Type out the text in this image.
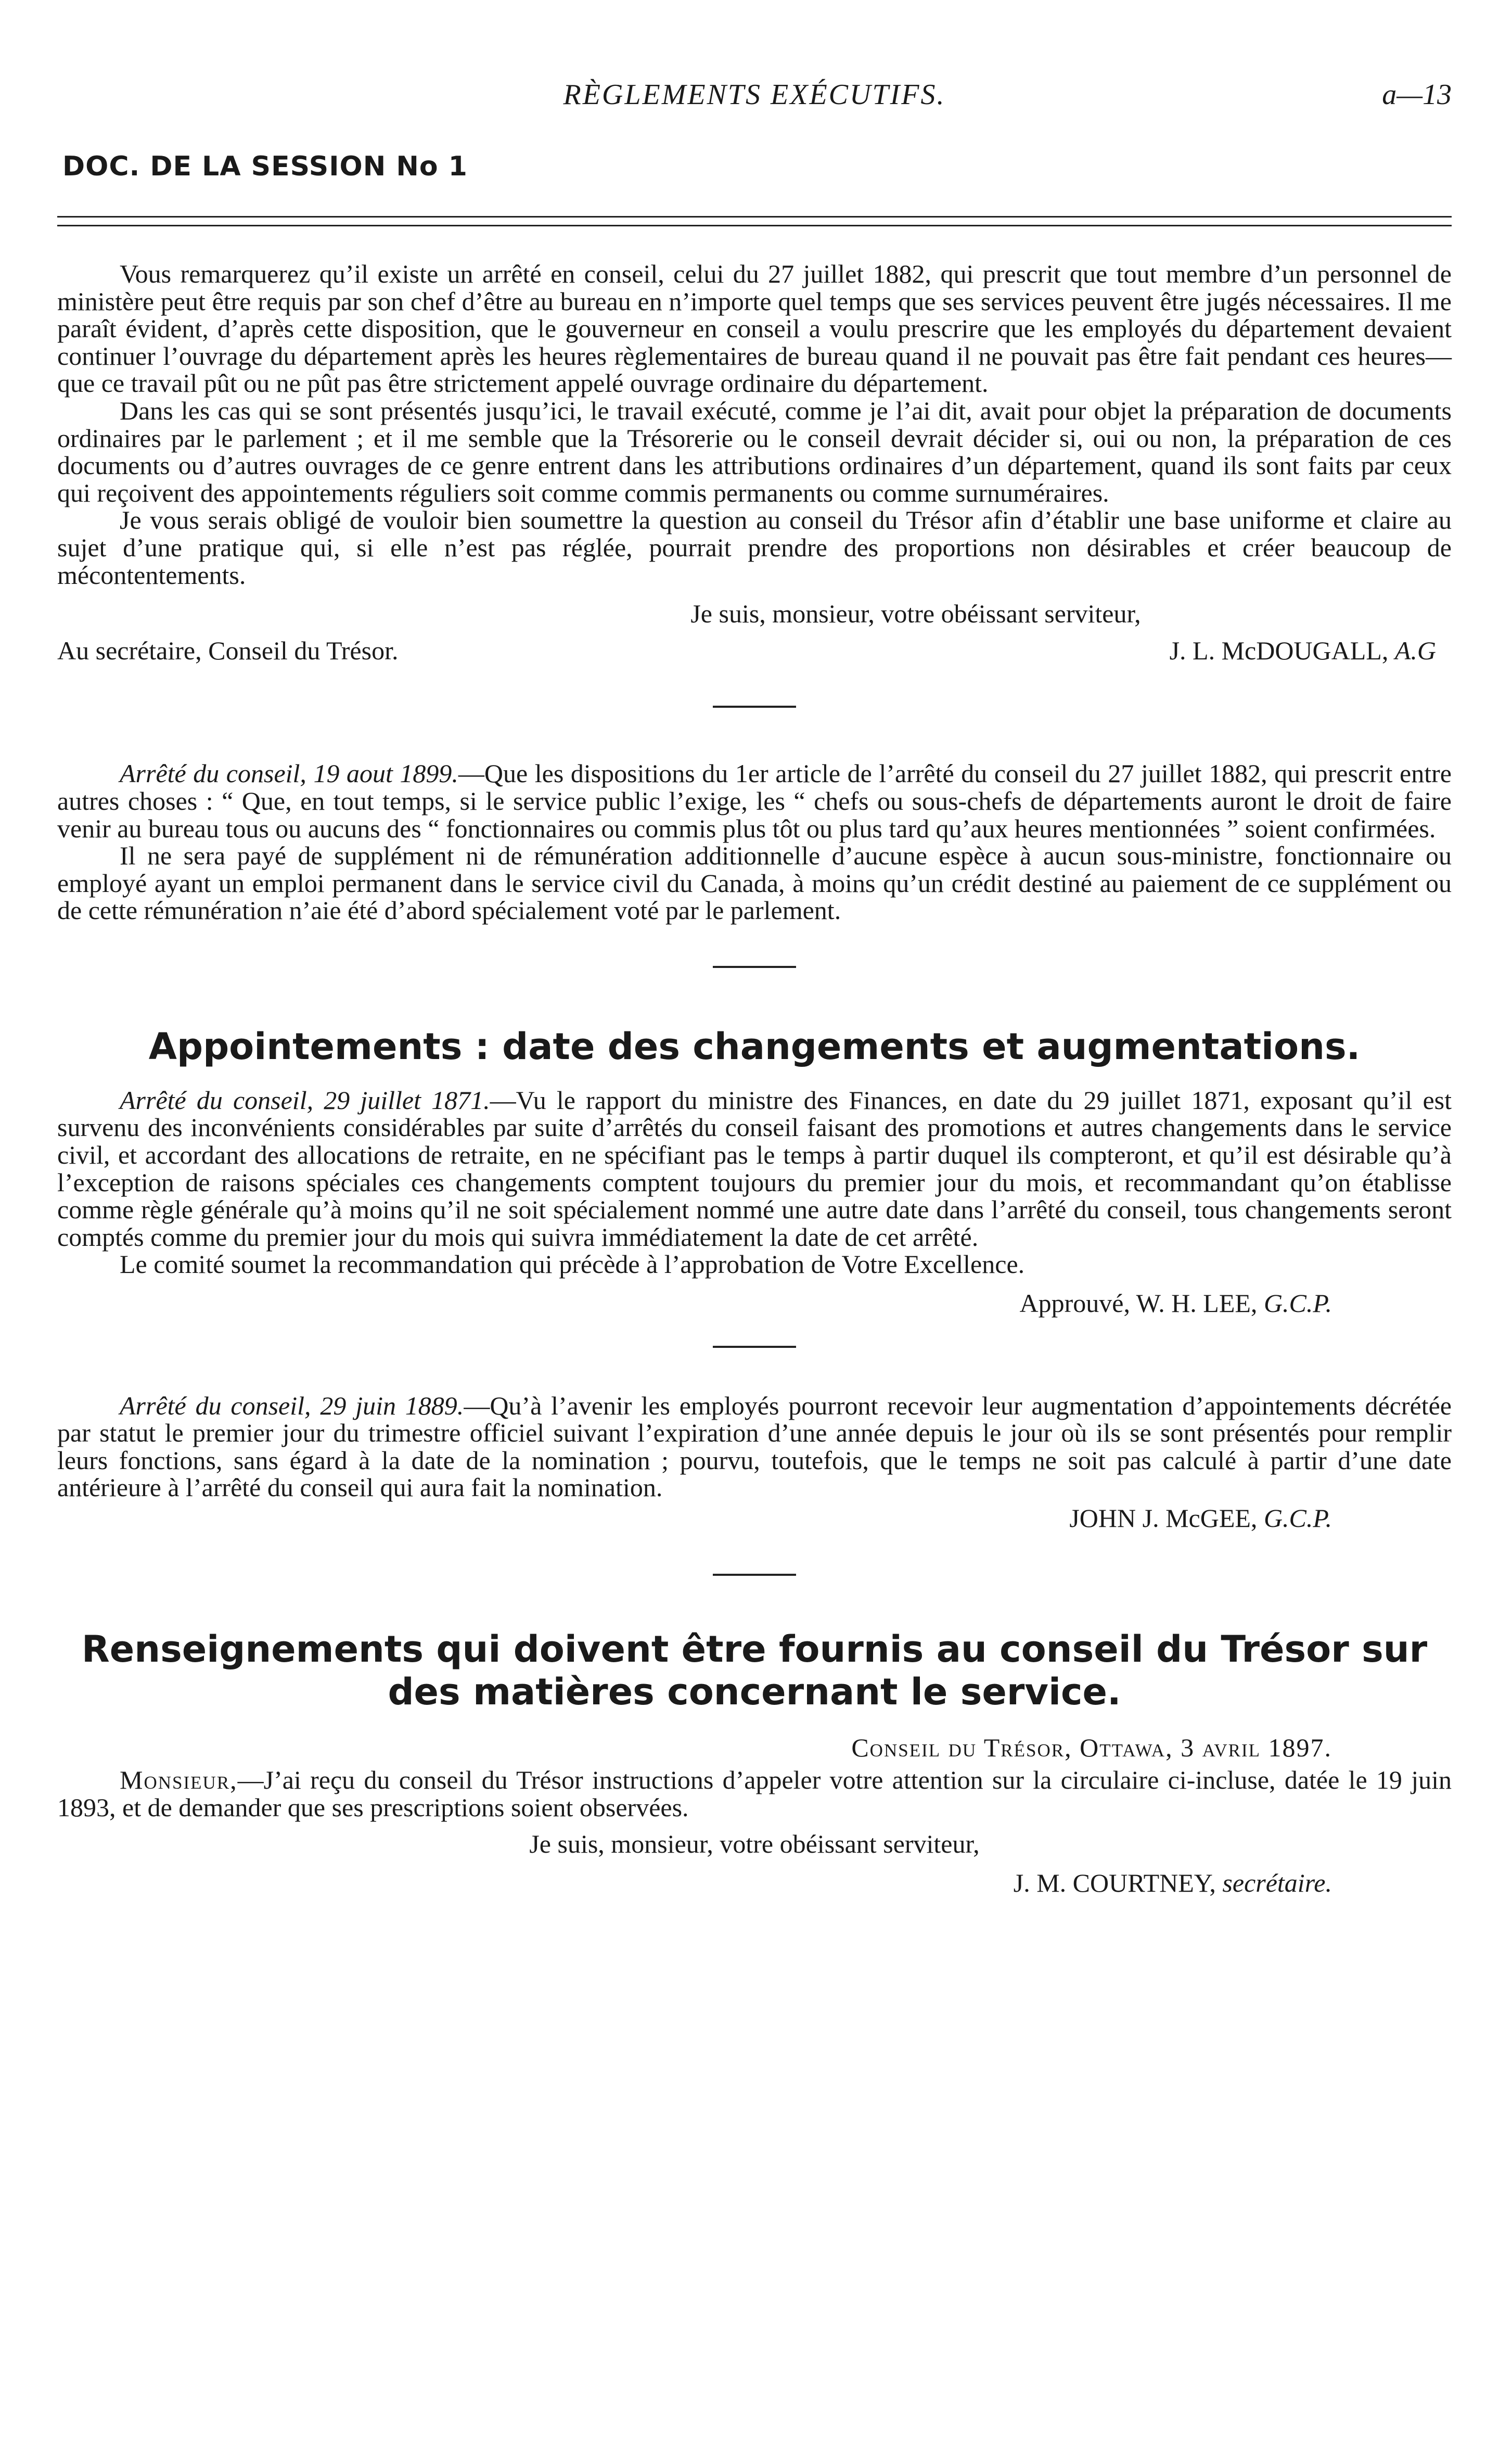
RÈGLEMENTS EXÉCUTIFS.	a—13
DOC. DE LA SESSION No 1

Vous remarquerez qu’il existe un arrêté en conseil, celui du 27 juillet 1882, qui prescrit que tout membre d’un personnel de ministère peut être requis par son chef d’être au bureau en n’importe quel temps que ses services peuvent être jugés nécessaires. Il me paraît évident, d’après cette disposition, que le gouverneur en conseil a voulu prescrire que les employés du département devaient continuer l’ouvrage du département après les heures règlementaires de bureau quand il ne pouvait pas être fait pendant ces heures—que ce travail pût ou ne pût pas être strictement appelé ouvrage ordinaire du département.

Dans les cas qui se sont présentés jusqu’ici, le travail exécuté, comme je l’ai dit, avait pour objet la préparation de documents ordinaires par le parlement ; et il me semble que la Trésorerie ou le conseil devrait décider si, oui ou non, la préparation de ces documents ou d’autres ouvrages de ce genre entrent dans les attributions ordinaires d’un département, quand ils sont faits par ceux qui reçoivent des appointements réguliers soit comme commis permanents ou comme surnuméraires.

Je vous serais obligé de vouloir bien soumettre la question au conseil du Trésor afin d’établir une base uniforme et claire au sujet d’une pratique qui, si elle n’est pas réglée, pourrait prendre des proportions non désirables et créer beaucoup de mécontentements.

Je suis, monsieur, votre obéissant serviteur,
Au secrétaire, Conseil du Trésor.	J. L. McDOUGALL, A.G

Arrêté du conseil, 19 aout 1899.—Que les dispositions du 1er article de l’arrêté du conseil du 27 juillet 1882, qui prescrit entre autres choses : “ Que, en tout temps, si le service public l’exige, les “ chefs ou sous-chefs de départements auront le droit de faire venir au bureau tous ou aucuns des “ fonctionnaires ou commis plus tôt ou plus tard qu’aux heures mentionnées ” soient confirmées.

Il ne sera payé de supplément ni de rémunération additionnelle d’aucune espèce à aucun sous-ministre, fonctionnaire ou employé ayant un emploi permanent dans le service civil du Canada, à moins qu’un crédit destiné au paiement de ce supplément ou de cette rémunération n’aie été d’abord spécialement voté par le parlement.

Appointements : date des changements et augmentations.

Arrêté du conseil, 29 juillet 1871.—Vu le rapport du ministre des Finances, en date du 29 juillet 1871, exposant qu’il est survenu des inconvénients considérables par suite d’arrêtés du conseil faisant des promotions et autres changements dans le service civil, et accordant des allocations de retraite, en ne spécifiant pas le temps à partir duquel ils compteront, et qu’il est désirable qu’à l’exception de raisons spéciales ces changements comptent toujours du premier jour du mois, et recommandant qu’on établisse comme règle générale qu’à moins qu’il ne soit spécialement nommé une autre date dans l’arrêté du conseil, tous changements seront comptés comme du premier jour du mois qui suivra immédiatement la date de cet arrêté.

Le comité soumet la recommandation qui précède à l’approbation de Votre Excellence.

Approuvé, W. H. LEE, G.C.P.

Arrêté du conseil, 29 juin 1889.—Qu’à l’avenir les employés pourront recevoir leur augmentation d’appointements décrétée par statut le premier jour du trimestre officiel suivant l’expiration d’une année depuis le jour où ils se sont présentés pour remplir leurs fonctions, sans égard à la date de la nomination ; pourvu, toutefois, que le temps ne soit pas calculé à partir d’une date antérieure à l’arrêté du conseil qui aura fait la nomination.

JOHN J. McGEE, G.C.P.
Renseignements qui doivent être fournis au conseil du Trésor sur
des matières concernant le service.
Conseil du Trésor, Ottawa, 3 avril 1897.

Monsieur,—J’ai reçu du conseil du Trésor instructions d’appeler votre attention sur la circulaire ci-incluse, datée le 19 juin 1893, et de demander que ses prescriptions soient observées.

Je suis, monsieur, votre obéissant serviteur,
J. M. COURTNEY, secrétaire.
